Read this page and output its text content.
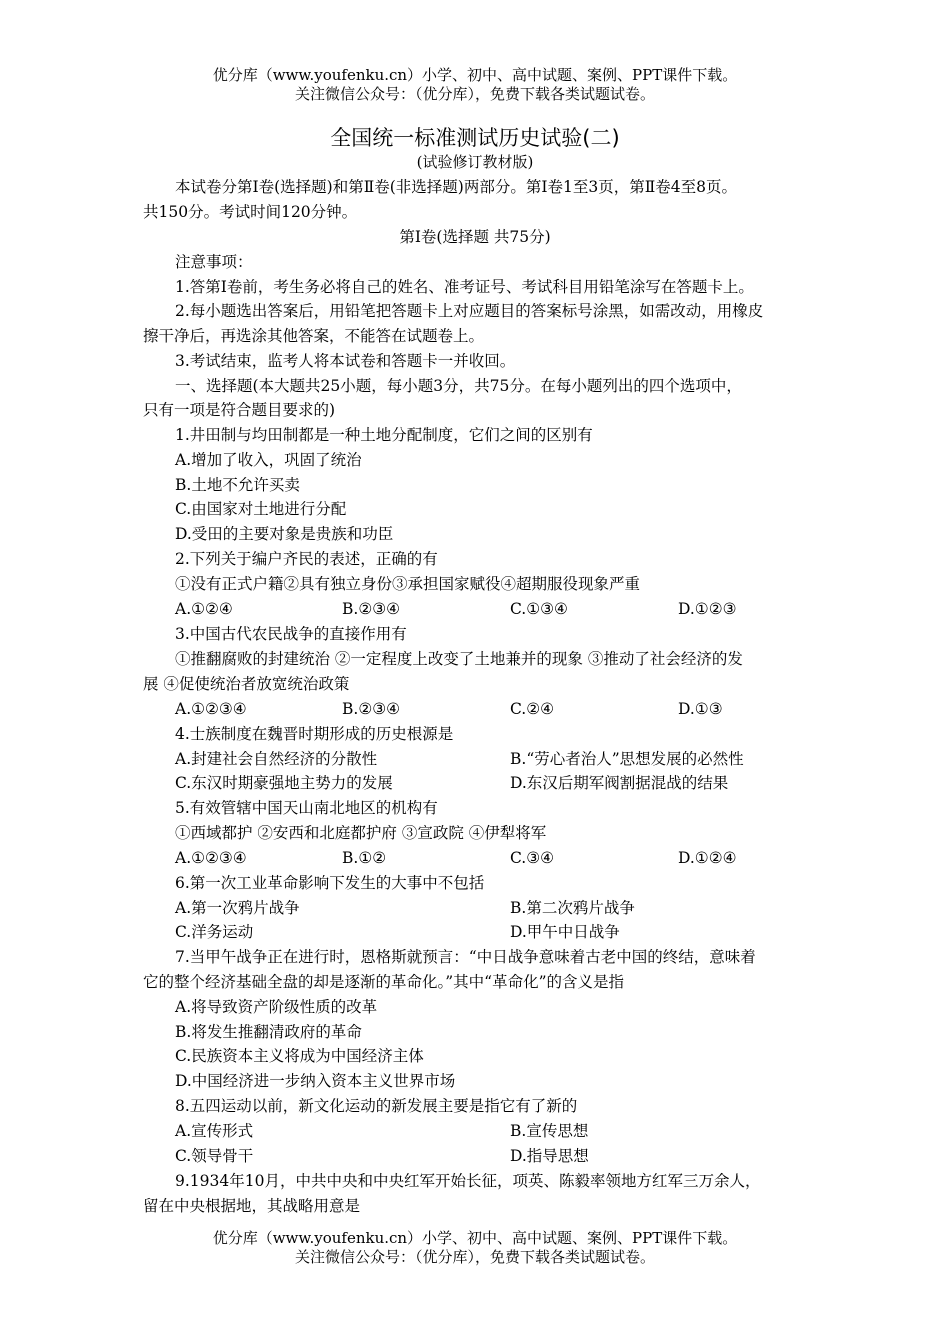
优分库（www.youfenku.cn）小学、初中、高中试题、案例、PPT课件下载。
关注微信公众号：（优分库），免费下载各类试题试卷。
全国统一标准测试历史试验(二)
(试验修订教材版)
本试卷分第Ⅰ卷(选择题)和第Ⅱ卷(非选择题)两部分。第Ⅰ卷1至3页，第Ⅱ卷4至8页。
共150分。考试时间120分钟。
第Ⅰ卷(选择题 共75分)
注意事项：
1.答第Ⅰ卷前，考生务必将自己的姓名、准考证号、考试科目用铅笔涂写在答题卡上。
2.每小题选出答案后，用铅笔把答题卡上对应题目的答案标号涂黑，如需改动，用橡皮
擦干净后，再选涂其他答案，不能答在试题卷上。
3.考试结束，监考人将本试卷和答题卡一并收回。
一、选择题(本大题共25小题，每小题3分，共75分。在每小题列出的四个选项中，
只有一项是符合题目要求的)
1.井田制与均田制都是一种土地分配制度，它们之间的区别有
A.增加了收入，巩固了统治
B.土地不允许买卖
C.由国家对土地进行分配
D.受田的主要对象是贵族和功臣
2.下列关于编户齐民的表述，正确的有
①没有正式户籍②具有独立身份③承担国家赋役④超期服役现象严重
A.①②④	B.②③④	C.①③④	D.①②③
3.中国古代农民战争的直接作用有
①推翻腐败的封建统治 ②一定程度上改变了土地兼并的现象 ③推动了社会经济的发
展 ④促使统治者放宽统治政策
A.①②③④	B.②③④	C.②④	D.①③
4.士族制度在魏晋时期形成的历史根源是
A.封建社会自然经济的分散性	B.“劳心者治人”思想发展的必然性
C.东汉时期豪强地主势力的发展	D.东汉后期军阀割据混战的结果
5.有效管辖中国天山南北地区的机构有
①西域都护 ②安西和北庭都护府 ③宣政院 ④伊犁将军
A.①②③④	B.①②	C.③④	D.①②④
6.第一次工业革命影响下发生的大事中不包括
A.第一次鸦片战争	B.第二次鸦片战争
C.洋务运动	D.甲午中日战争
7.当甲午战争正在进行时，恩格斯就预言：“中日战争意味着古老中国的终结，意味着
它的整个经济基础全盘的却是逐渐的革命化。”其中“革命化”的含义是指
A.将导致资产阶级性质的改革
B.将发生推翻清政府的革命
C.民族资本主义将成为中国经济主体
D.中国经济进一步纳入资本主义世界市场
8.五四运动以前，新文化运动的新发展主要是指它有了新的
A.宣传形式	B.宣传思想
C.领导骨干	D.指导思想
9.1934年10月，中共中央和中央红军开始长征，项英、陈毅率领地方红军三万余人，
留在中央根据地，其战略用意是
优分库（www.youfenku.cn）小学、初中、高中试题、案例、PPT课件下载。
关注微信公众号：（优分库），免费下载各类试题试卷。
